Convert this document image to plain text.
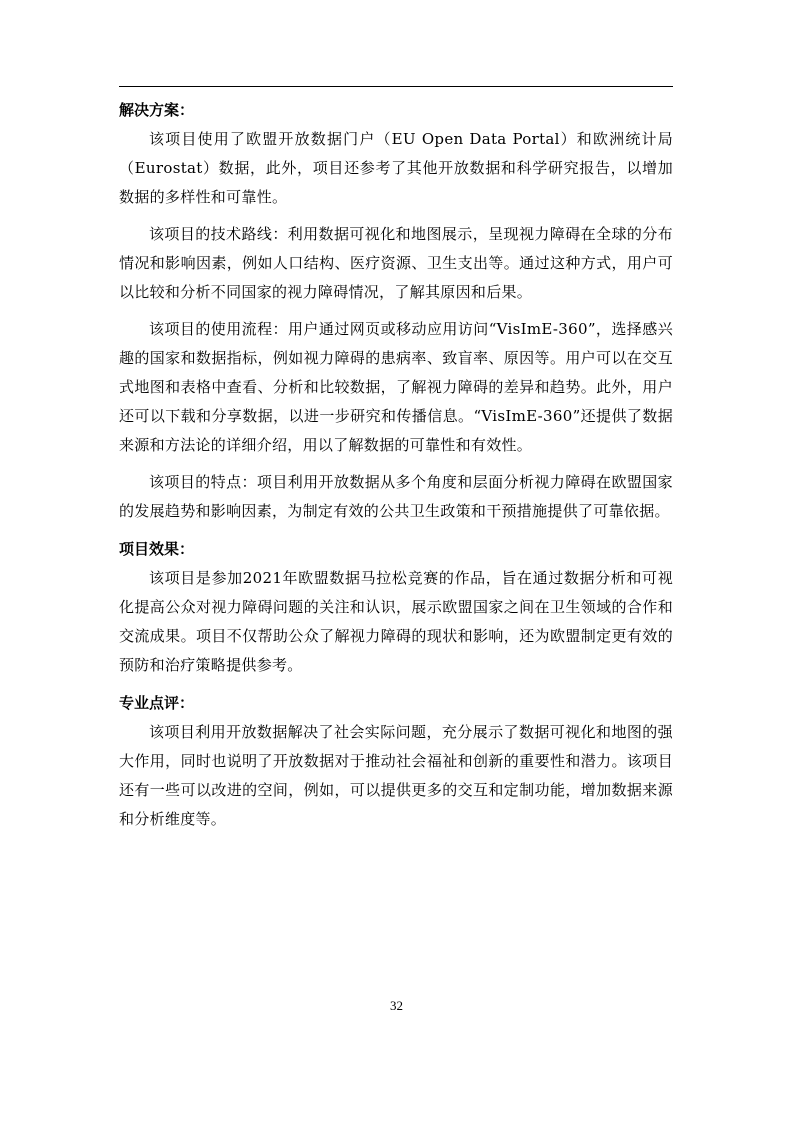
解决方案：

该项目使用了欧盟开放数据门户（EU Open Data Portal）和欧洲统计局（Eurostat）数据，此外，项目还参考了其他开放数据和科学研究报告，以增加数据的多样性和可靠性。

该项目的技术路线：利用数据可视化和地图展示，呈现视力障碍在全球的分布情况和影响因素，例如人口结构、医疗资源、卫生支出等。通过这种方式，用户可以比较和分析不同国家的视力障碍情况，了解其原因和后果。

该项目的使用流程：用户通过网页或移动应用访问“VisImE-360”，选择感兴趣的国家和数据指标，例如视力障碍的患病率、致盲率、原因等。用户可以在交互式地图和表格中查看、分析和比较数据，了解视力障碍的差异和趋势。此外，用户还可以下载和分享数据，以进一步研究和传播信息。“VisImE-360”还提供了数据来源和方法论的详细介绍，用以了解数据的可靠性和有效性。

该项目的特点：项目利用开放数据从多个角度和层面分析视力障碍在欧盟国家的发展趋势和影响因素，为制定有效的公共卫生政策和干预措施提供了可靠依据。

项目效果：

该项目是参加2021年欧盟数据马拉松竞赛的作品，旨在通过数据分析和可视化提高公众对视力障碍问题的关注和认识，展示欧盟国家之间在卫生领域的合作和交流成果。项目不仅帮助公众了解视力障碍的现状和影响，还为欧盟制定更有效的预防和治疗策略提供参考。

专业点评：

该项目利用开放数据解决了社会实际问题，充分展示了数据可视化和地图的强大作用，同时也说明了开放数据对于推动社会福祉和创新的重要性和潜力。该项目还有一些可以改进的空间，例如，可以提供更多的交互和定制功能，增加数据来源和分析维度等。

32
